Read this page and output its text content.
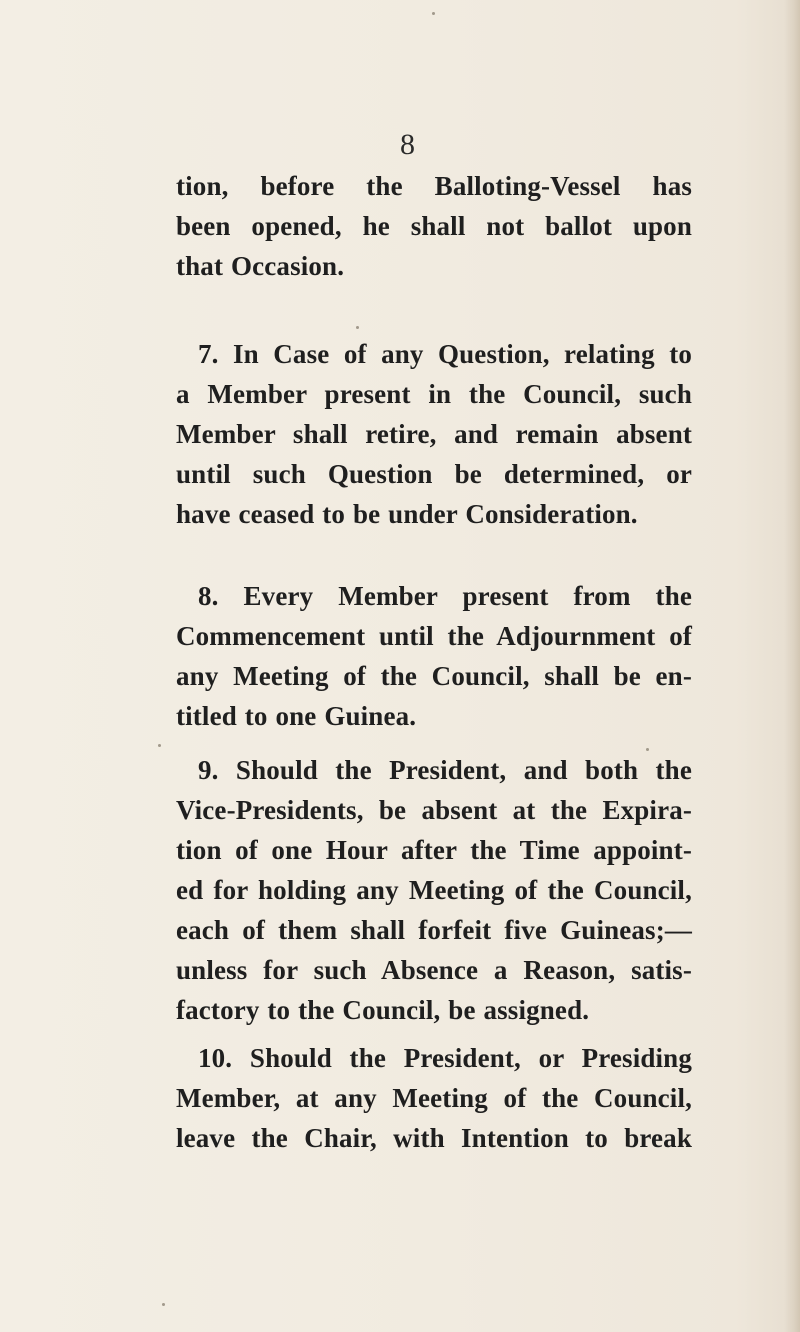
8
tion, before the Balloting-Vessel has
been opened, he shall not ballot upon
that Occasion.
7. In Case of any Question, relating to
a Member present in the Council, such
Member shall retire, and remain absent
until such Question be determined, or
have ceased to be under Consideration.
8. Every Member present from the
Commencement until the Adjournment of
any Meeting of the Council, shall be en-
titled to one Guinea.
9. Should the President, and both the
Vice-Presidents, be absent at the Expira-
tion of one Hour after the Time appoint-
ed for holding any Meeting of the Council,
each of them shall forfeit five Guineas;—
unless for such Absence a Reason, satis-
factory to the Council, be assigned.
10. Should the President, or Presiding
Member, at any Meeting of the Council,
leave the Chair, with Intention to break
